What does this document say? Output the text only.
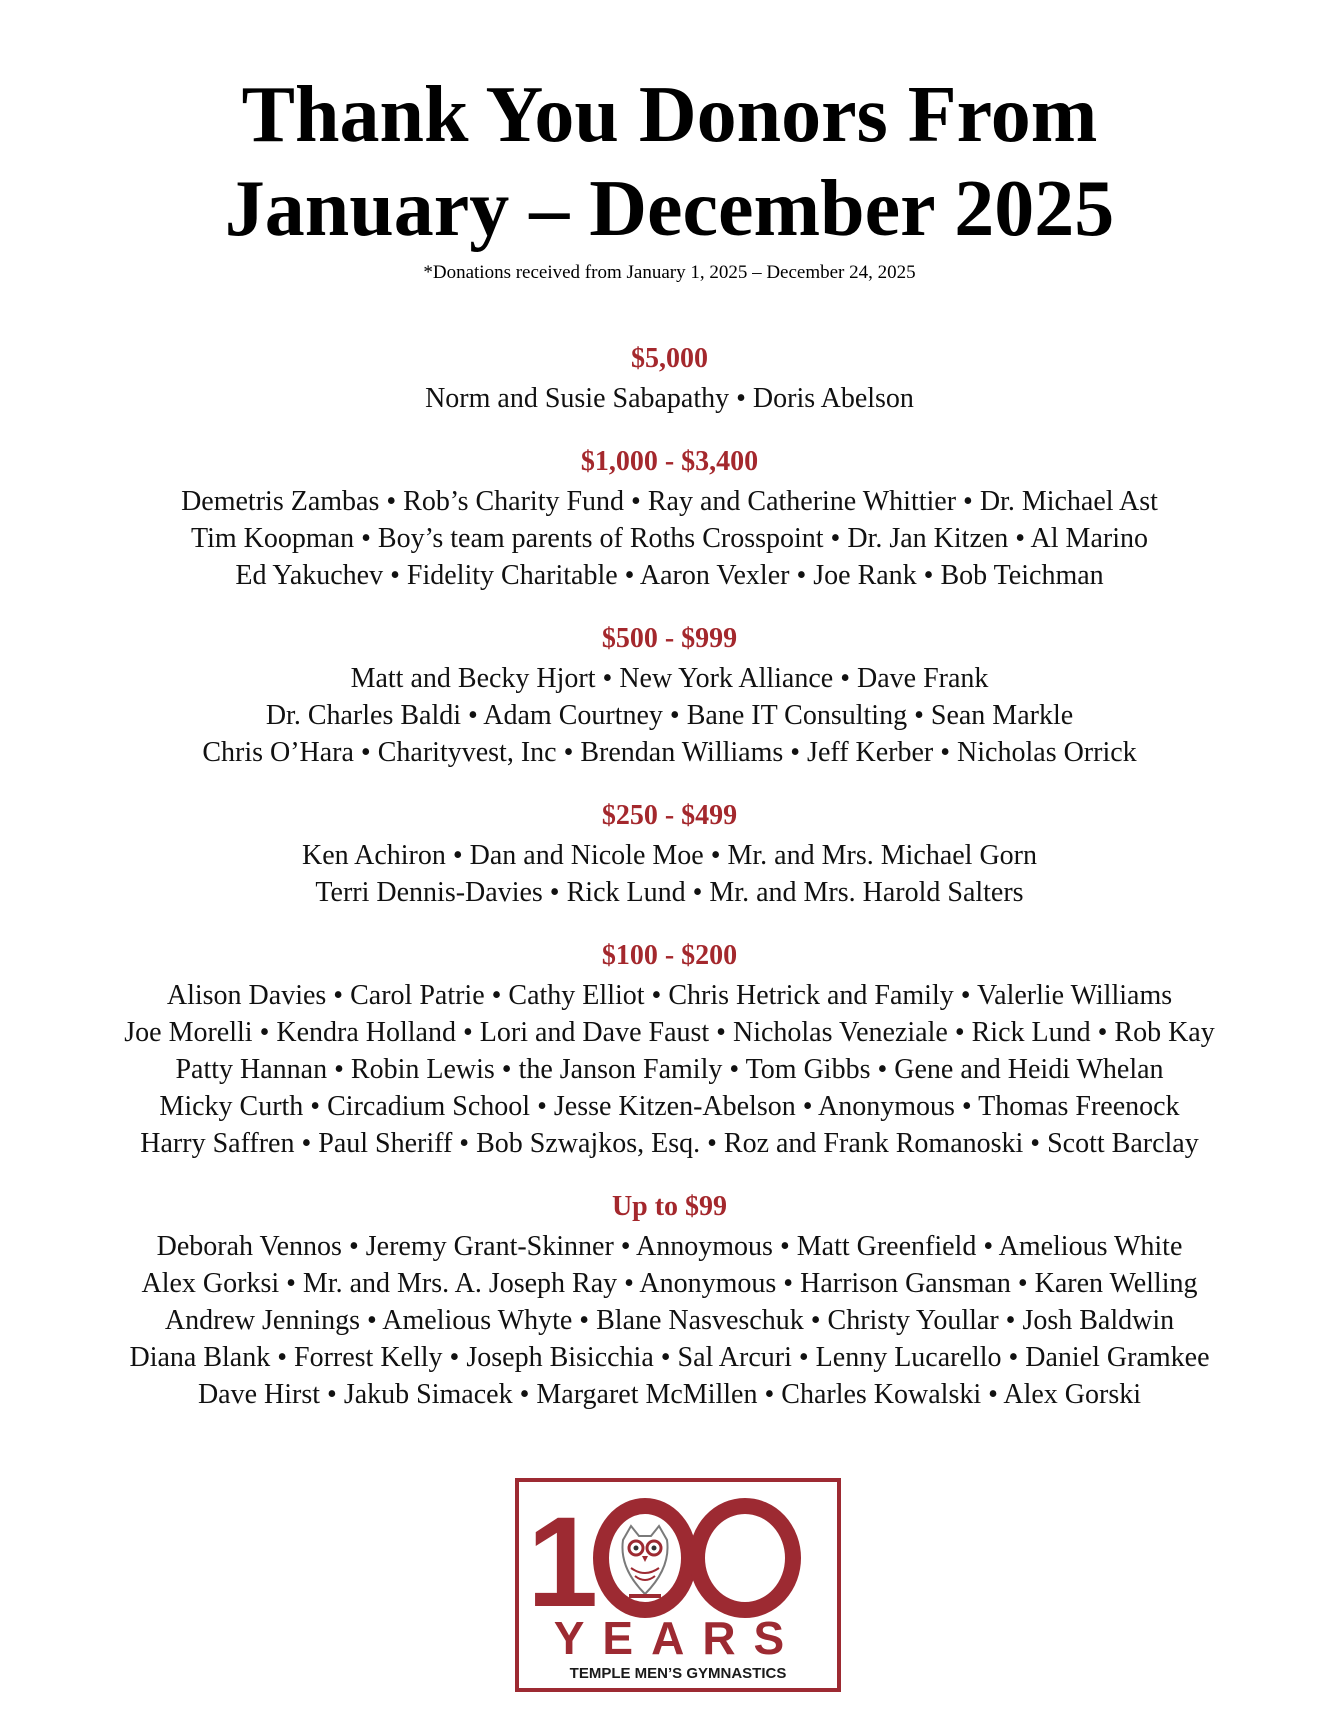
Thank You Donors From
January – December 2025

*Donations received from January 1, 2025 – December 24, 2025

$5,000

Norm and Susie Sabapathy • Doris Abelson

$1,000 - $3,400

Demetris Zambas • Rob’s Charity Fund • Ray and Catherine Whittier • Dr. Michael Ast

Tim Koopman • Boy’s team parents of Roths Crosspoint • Dr. Jan Kitzen • Al Marino

Ed Yakuchev • Fidelity Charitable • Aaron Vexler • Joe Rank • Bob Teichman

$500 - $999

Matt and Becky Hjort • New York Alliance • Dave Frank

Dr. Charles Baldi • Adam Courtney • Bane IT Consulting • Sean Markle

Chris O’Hara • Charityvest, Inc • Brendan Williams • Jeff Kerber • Nicholas Orrick

$250 - $499

Ken Achiron • Dan and Nicole Moe • Mr. and Mrs. Michael Gorn

Terri Dennis-Davies • Rick Lund • Mr. and Mrs. Harold Salters

$100 - $200

Alison Davies • Carol Patrie • Cathy Elliot • Chris Hetrick and Family • Valerlie Williams

Joe Morelli • Kendra Holland • Lori and Dave Faust • Nicholas Veneziale • Rick Lund • Rob Kay

Patty Hannan • Robin Lewis • the Janson Family • Tom Gibbs • Gene and Heidi Whelan

Micky Curth • Circadium School • Jesse Kitzen-Abelson • Anonymous • Thomas Freenock

Harry Saffren • Paul Sheriff • Bob Szwajkos, Esq. • Roz and Frank Romanoski • Scott Barclay

Up to $99

Deborah Vennos • Jeremy Grant-Skinner • Annoymous • Matt Greenfield • Amelious White

Alex Gorksi • Mr. and Mrs. A. Joseph Ray • Anonymous • Harrison Gansman • Karen Welling

Andrew Jennings • Amelious Whyte • Blane Nasveschuk • Christy Youllar • Josh Baldwin

Diana Blank • Forrest Kelly • Joseph Bisicchia • Sal Arcuri • Lenny Lucarello • Daniel Gramkee

Dave Hirst • Jakub Simacek • Margaret McMillen • Charles Kowalski • Alex Gorski

1
YEARS
TEMPLE MEN’S GYMNASTICS
